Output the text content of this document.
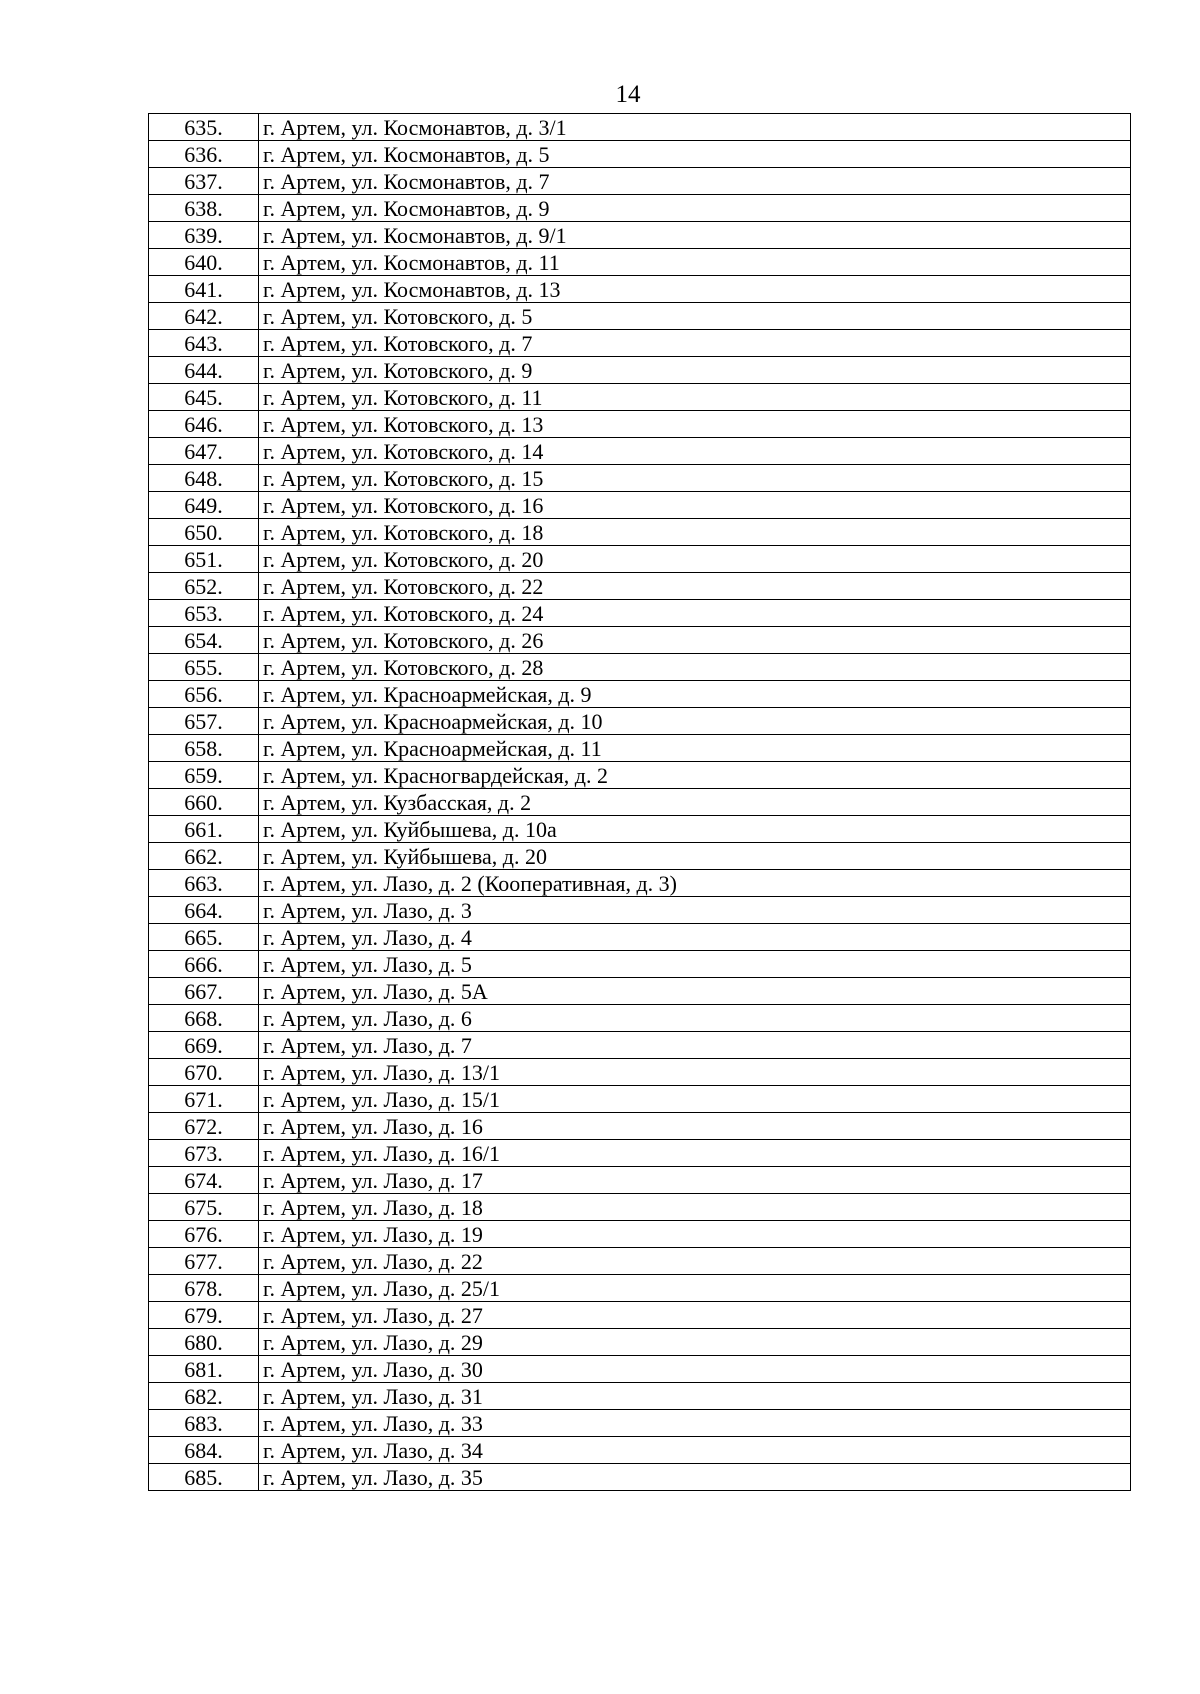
14
635.	г. Артем, ул. Космонавтов, д. 3/1
636.	г. Артем, ул. Космонавтов, д. 5
637.	г. Артем, ул. Космонавтов, д. 7
638.	г. Артем, ул. Космонавтов, д. 9
639.	г. Артем, ул. Космонавтов, д. 9/1
640.	г. Артем, ул. Космонавтов, д. 11
641.	г. Артем, ул. Космонавтов, д. 13
642.	г. Артем, ул. Котовского, д. 5
643.	г. Артем, ул. Котовского, д. 7
644.	г. Артем, ул. Котовского, д. 9
645.	г. Артем, ул. Котовского, д. 11
646.	г. Артем, ул. Котовского, д. 13
647.	г. Артем, ул. Котовского, д. 14
648.	г. Артем, ул. Котовского, д. 15
649.	г. Артем, ул. Котовского, д. 16
650.	г. Артем, ул. Котовского, д. 18
651.	г. Артем, ул. Котовского, д. 20
652.	г. Артем, ул. Котовского, д. 22
653.	г. Артем, ул. Котовского, д. 24
654.	г. Артем, ул. Котовского, д. 26
655.	г. Артем, ул. Котовского, д. 28
656.	г. Артем, ул. Красноармейская, д. 9
657.	г. Артем, ул. Красноармейская, д. 10
658.	г. Артем, ул. Красноармейская, д. 11
659.	г. Артем, ул. Красногвардейская, д. 2
660.	г. Артем, ул. Кузбасская, д. 2
661.	г. Артем, ул. Куйбышева, д. 10а
662.	г. Артем, ул. Куйбышева, д. 20
663.	г. Артем, ул. Лазо, д. 2 (Кооперативная, д. 3)
664.	г. Артем, ул. Лазо, д. 3
665.	г. Артем, ул. Лазо, д. 4
666.	г. Артем, ул. Лазо, д. 5
667.	г. Артем, ул. Лазо, д. 5А
668.	г. Артем, ул. Лазо, д. 6
669.	г. Артем, ул. Лазо, д. 7
670.	г. Артем, ул. Лазо, д. 13/1
671.	г. Артем, ул. Лазо, д. 15/1
672.	г. Артем, ул. Лазо, д. 16
673.	г. Артем, ул. Лазо, д. 16/1
674.	г. Артем, ул. Лазо, д. 17
675.	г. Артем, ул. Лазо, д. 18
676.	г. Артем, ул. Лазо, д. 19
677.	г. Артем, ул. Лазо, д. 22
678.	г. Артем, ул. Лазо, д. 25/1
679.	г. Артем, ул. Лазо, д. 27
680.	г. Артем, ул. Лазо, д. 29
681.	г. Артем, ул. Лазо, д. 30
682.	г. Артем, ул. Лазо, д. 31
683.	г. Артем, ул. Лазо, д. 33
684.	г. Артем, ул. Лазо, д. 34
685.	г. Артем, ул. Лазо, д. 35
